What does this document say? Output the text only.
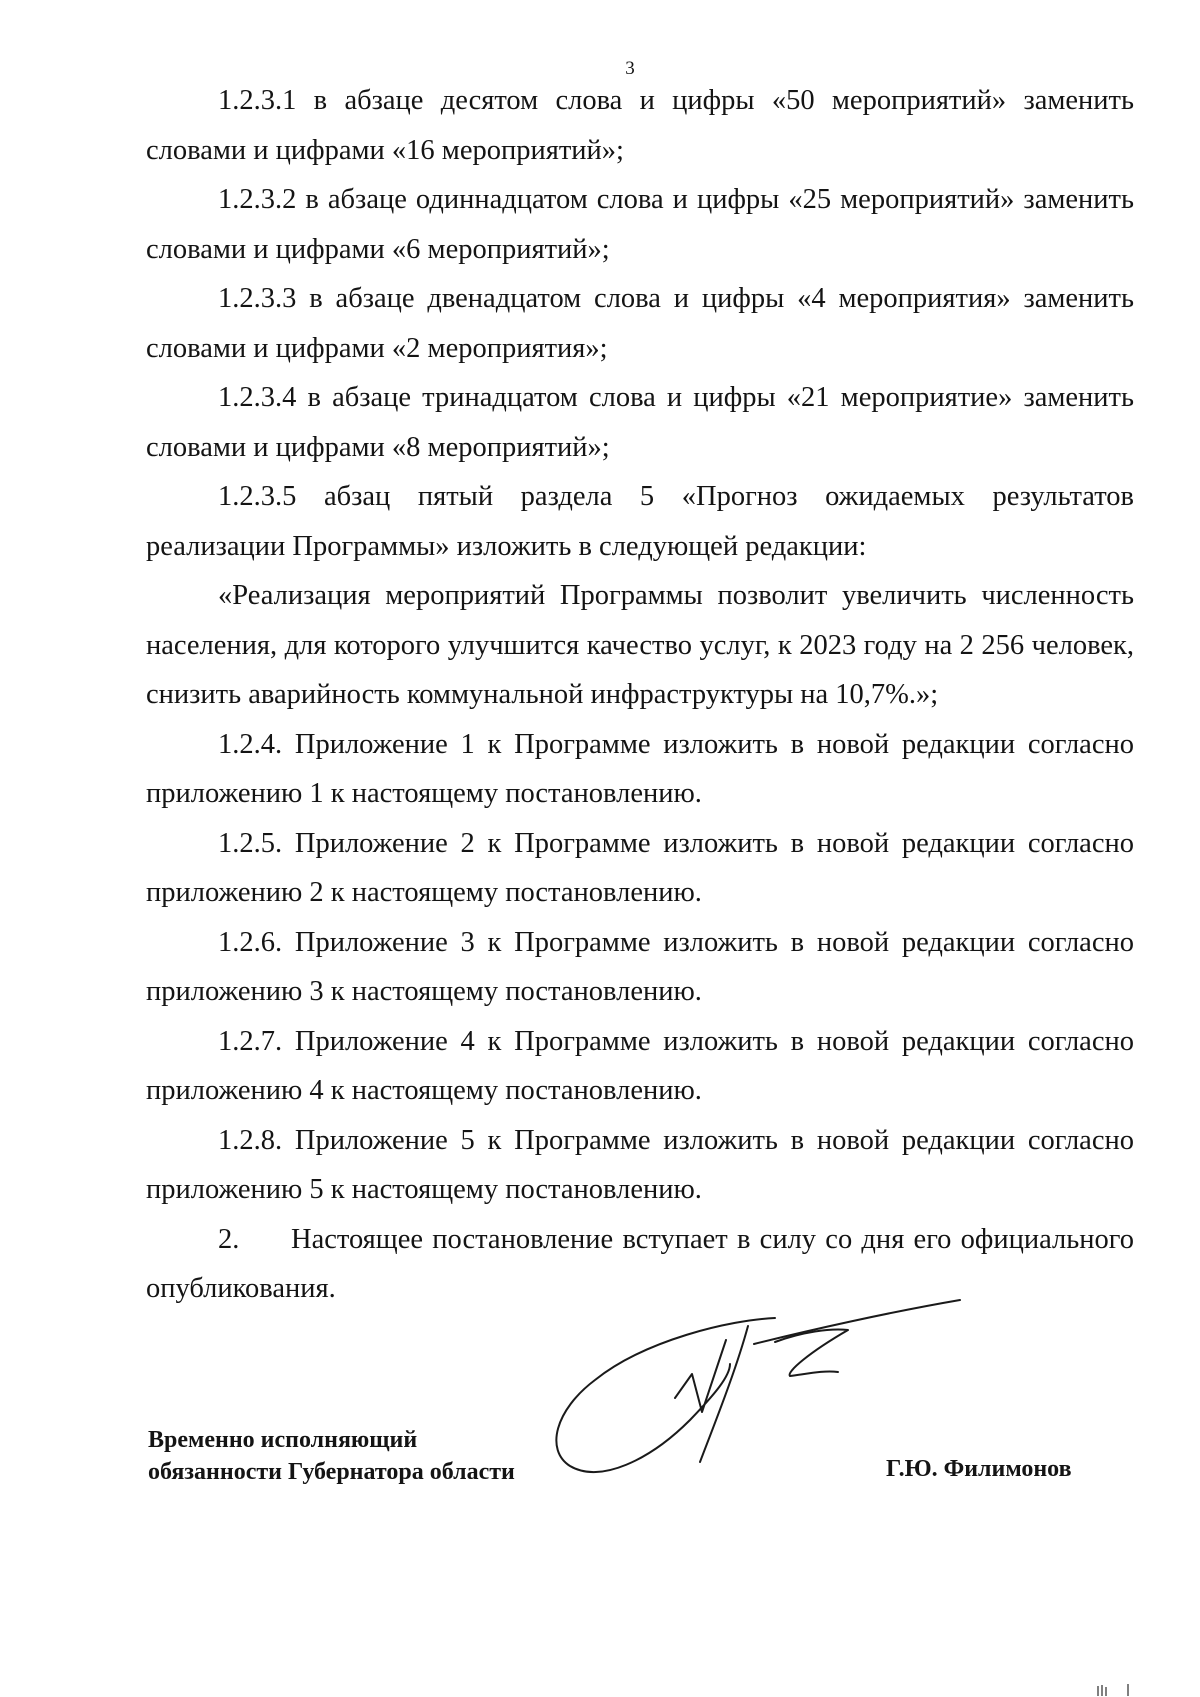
3

1.2.3.1 в абзаце десятом слова и цифры «50 мероприятий» заменить словами и цифрами «16 мероприятий»;

1.2.3.2 в абзаце одиннадцатом слова и цифры «25 мероприятий» заменить словами и цифрами «6 мероприятий»;

1.2.3.3 в абзаце двенадцатом слова и цифры «4 мероприятия» заменить словами и цифрами «2 мероприятия»;

1.2.3.4 в абзаце тринадцатом слова и цифры «21 мероприятие» заменить словами и цифрами «8 мероприятий»;

1.2.3.5 абзац пятый раздела 5 «Прогноз ожидаемых результатов реализации Программы» изложить в следующей редакции:

«Реализация мероприятий Программы позволит увеличить численность населения, для которого улучшится качество услуг, к 2023 году на 2 256 человек, снизить аварийность коммунальной инфраструктуры на 10,7%.»;

1.2.4. Приложение 1 к Программе изложить в новой редакции согласно приложению 1 к настоящему постановлению.

1.2.5. Приложение 2 к Программе изложить в новой редакции согласно приложению 2 к настоящему постановлению.

1.2.6. Приложение 3 к Программе изложить в новой редакции согласно приложению 3 к настоящему постановлению.

1.2.7. Приложение 4 к Программе изложить в новой редакции согласно приложению 4 к настоящему постановлению.

1.2.8. Приложение 5 к Программе изложить в новой редакции согласно приложению 5 к настоящему постановлению.

2. Настоящее постановление вступает в силу со дня его официального опубликования.

Временно исполняющий
обязанности Губернатора области	Г.Ю. Филимонов
